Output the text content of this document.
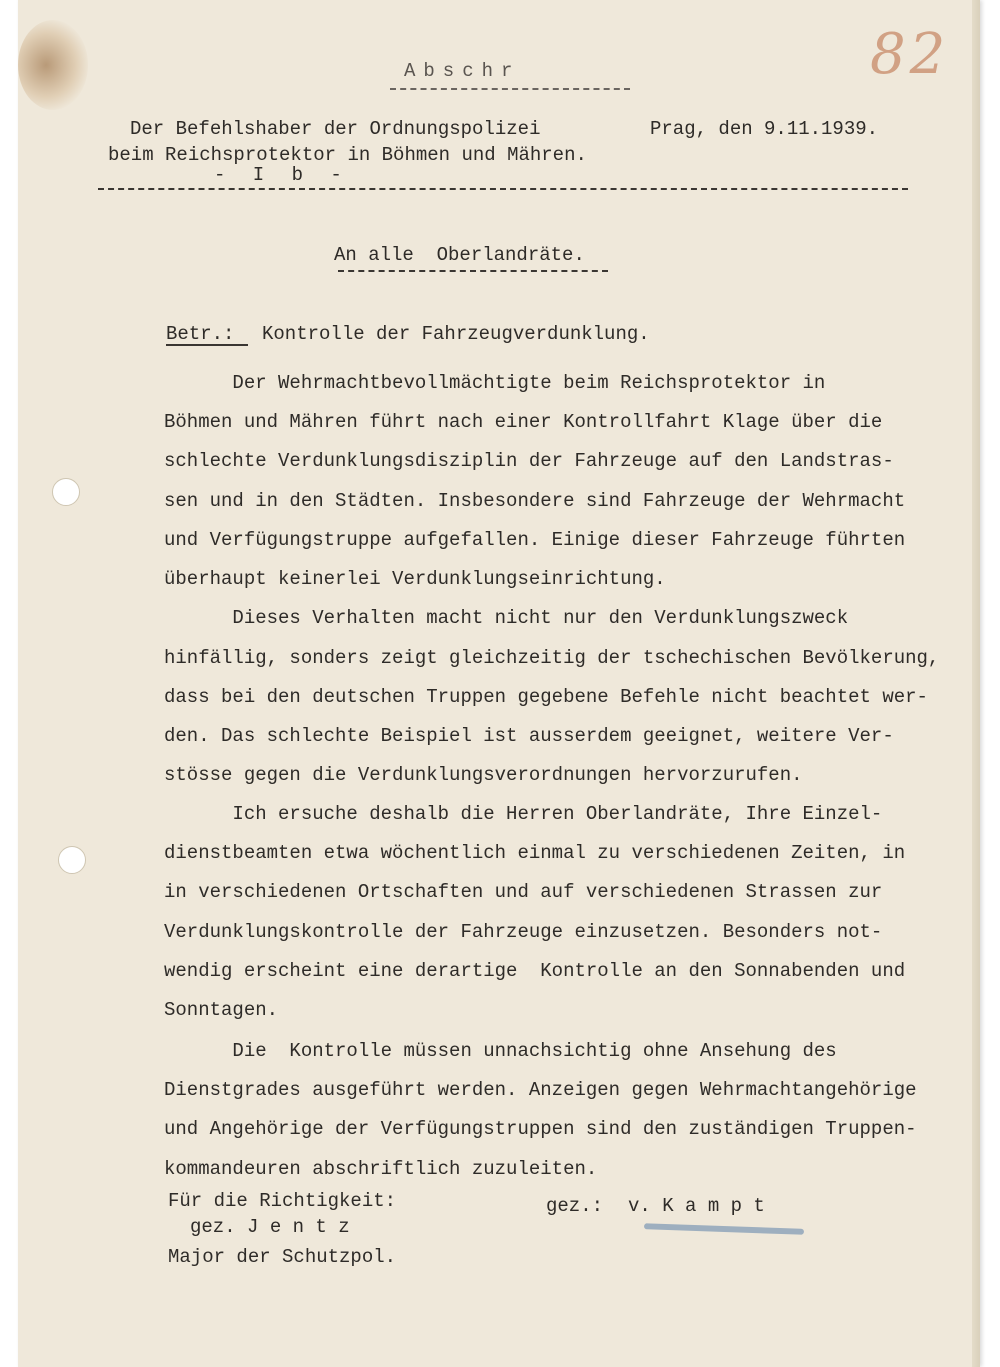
82
Abschr
Der Befehlshaber der Ordnungspolizei
beim Reichsprotektor in Böhmen und Mähren.
- I b -
Prag, den 9.11.1939.
An alle  Oberlandräte.
Betr.: Kontrolle der Fahrzeugverdunklung.
Der Wehrmachtbevollmächtigte beim Reichsprotektor in
Böhmen und Mähren führt nach einer Kontrollfahrt Klage über die
schlechte Verdunklungsdisziplin der Fahrzeuge auf den Landstras-
sen und in den Städten. Insbesondere sind Fahrzeuge der Wehrmacht
und Verfügungstruppe aufgefallen. Einige dieser Fahrzeuge führten
überhaupt keinerlei Verdunklungseinrichtung.
Dieses Verhalten macht nicht nur den Verdunklungszweck
hinfällig, sonders zeigt gleichzeitig der tschechischen Bevölkerung,
dass bei den deutschen Truppen gegebene Befehle nicht beachtet wer-
den. Das schlechte Beispiel ist ausserdem geeignet, weitere Ver-
stösse gegen die Verdunklungsverordnungen hervorzurufen.
Ich ersuche deshalb die Herren Oberlandräte, Ihre Einzel-
dienstbeamten etwa wöchentlich einmal zu verschiedenen Zeiten, in
in verschiedenen Ortschaften und auf verschiedenen Strassen zur
Verdunklungskontrolle der Fahrzeuge einzusetzen. Besonders not-
wendig erscheint eine derartige  Kontrolle an den Sonnabenden und
Sonntagen.
Die  Kontrolle müssen unnachsichtig ohne Ansehung des
Dienstgrades ausgeführt werden. Anzeigen gegen Wehrmachtangehörige
und Angehörige der Verfügungstruppen sind den zuständigen Truppen-
kommandeuren abschriftlich zuzuleiten.
Für die Richtigkeit:
gez. J e n t z
Major der Schutzpol.
gez.: v. K a m p t
